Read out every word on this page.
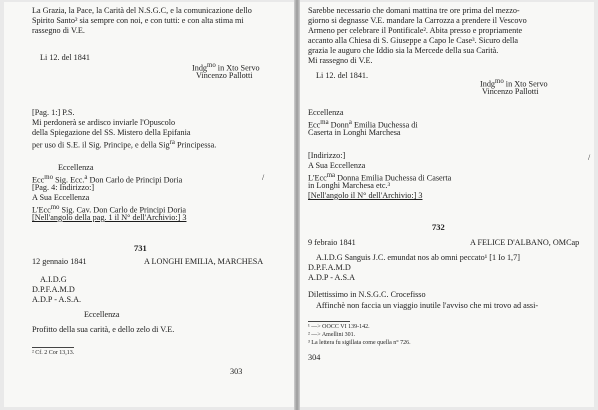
La Grazia, la Pace, la Carità del N.S.G.C, e la comunicazione dello
Spirito Santo² sia sempre con noi, e con tutti: e con alta stima mi
rassegno di V.E.
Li 12. del 1841
Indg$^{mo}$ in Xto Servo
Vincenzo Pallotti
[Pag. 1:] P.S.
Mi perdonerà se ardisco inviarle l'Opuscolo
della Spiegazione del SS. Mistero della Epifania
per uso di S.E. il Sig. Principe, e della Sig$^{ra}$ Principessa.
Eccellenza
Ecc$^{mo}$ Sig. Ecc.$^a$ Don Carlo de Principi Doria	/
[Pag. 4: Indirizzo:]
A Sua Eccellenza
L'Ecc$^{mo}$ Sig. Cav. Don Carlo de Principi Doria
[Nell'angolo della pag. 1 il N° dell'Archivio:] 3
731
12 gennaio 1841	A LONGHI EMILIA, MARCHESA
A.I.D.G
D.P.F.A.M.D
A.D.P - A.S.A.
Eccellenza
Profitto della sua carità, e dello zelo di V.E.
² Cf. 2 Cor 13,13.
303
Sarebbe necessario che domani mattina tre ore prima del mezzo-
giorno si degnasse V.E. mandare la Carrozza a prendere il Vescovo
Armeno per celebrare il Pontificale². Abita presso e propriamente
accanto alla Chiesa di S. Giuseppe a Capo le Case³. Sicuro della
grazia le auguro che Iddio sia la Mercede della sua Carità.
Mi rassegno di V.E.
Li 12. del 1841.
Indg$^{mo}$ in Xto Servo
Vincenzo Pallotti
Eccellenza
Ecc$^{ma}$ Donn$^a$ Emilia Duchessa di
Caserta in Longhi Marchesa
/
[Indirizzo:]
A Sua Eccellenza
L'Ecc$^{ma}$ Donna Emilia Duchessa di Caserta
in Longhi Marchesa etc.³
[Nell'angolo il N° dell'Archivio:] 3
732
9 febraio 1841	A FELICE D'ALBANO, OMCap
A.I.D.G Sanguis J.C. emundat nos ab omni peccato¹ [1 Io 1,7]
D.P.F.A.M.D
A.D.P - A.S.A
Dilettissimo in N.S.G.C. Crocefisso
Affinchè non faccia un viaggio inutile l'avviso che mi trovo ad assi-
¹ —> OOCC VI 139-142.
² —> Amellini 301.
³ La lettera fu sigillata come quella n° 726.
304
